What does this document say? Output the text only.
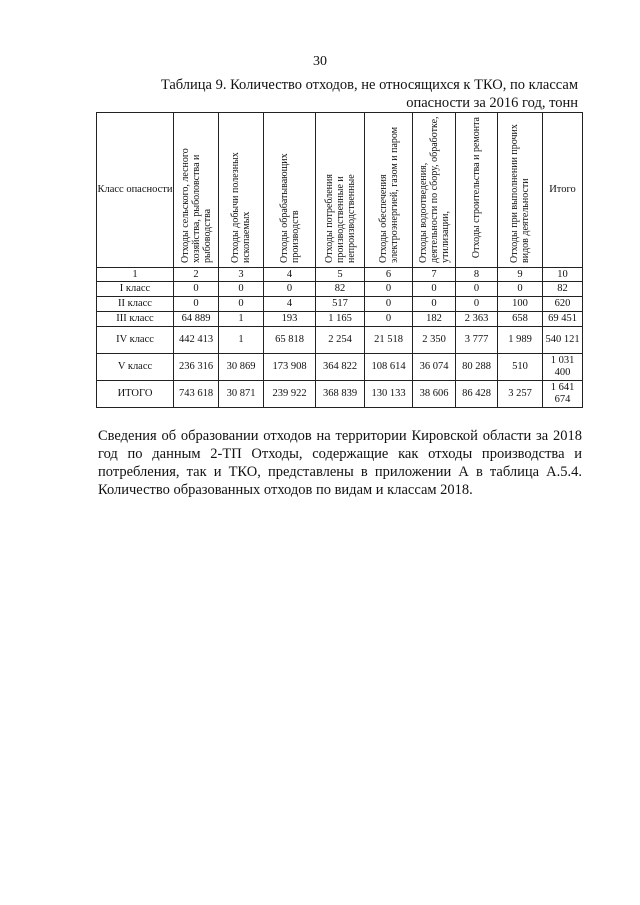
30
Таблица 9. Количество отходов, не относящихся к ТКО, по классам
опасности за 2016 год, тонн
Класс опасности	Отходы сельского, лесного хозяйства, рыболовства и рыбоводства	Отходы добычи полезных ископаемых	Отходы обрабатывающих производств	Отходы потребления производственные и непроизводственные	Отходы обеспечения электроэнергией, газом и паром	Отходы водоотведения, деятельности по сбору, обработке, утилизации,	Отходы строительства и ремонта	Отходы при выполнении прочих видов деятельности	Итого
1	2	3	4	5	6	7	8	9	10
I класс	0	0	0	82	0	0	0	0	82
II класс	0	0	4	517	0	0	0	100	620
III класс	64 889	1	193	1 165	0	182	2 363	658	69 451
IV класс	442 413	1	65 818	2 254	21 518	2 350	3 777	1 989	540 121
V класс	236 316	30 869	173 908	364 822	108 614	36 074	80 288	510	1 031 400
ИТОГО	743 618	30 871	239 922	368 839	130 133	38 606	86 428	3 257	1 641 674
Сведения об образовании отходов на территории Кировской области за 2018 год по данным 2-ТП Отходы, содержащие как отходы производства и потребления, так и ТКО, представлены в приложении А в таблица А.5.4. Количество образованных отходов по видам и классам 2018.
